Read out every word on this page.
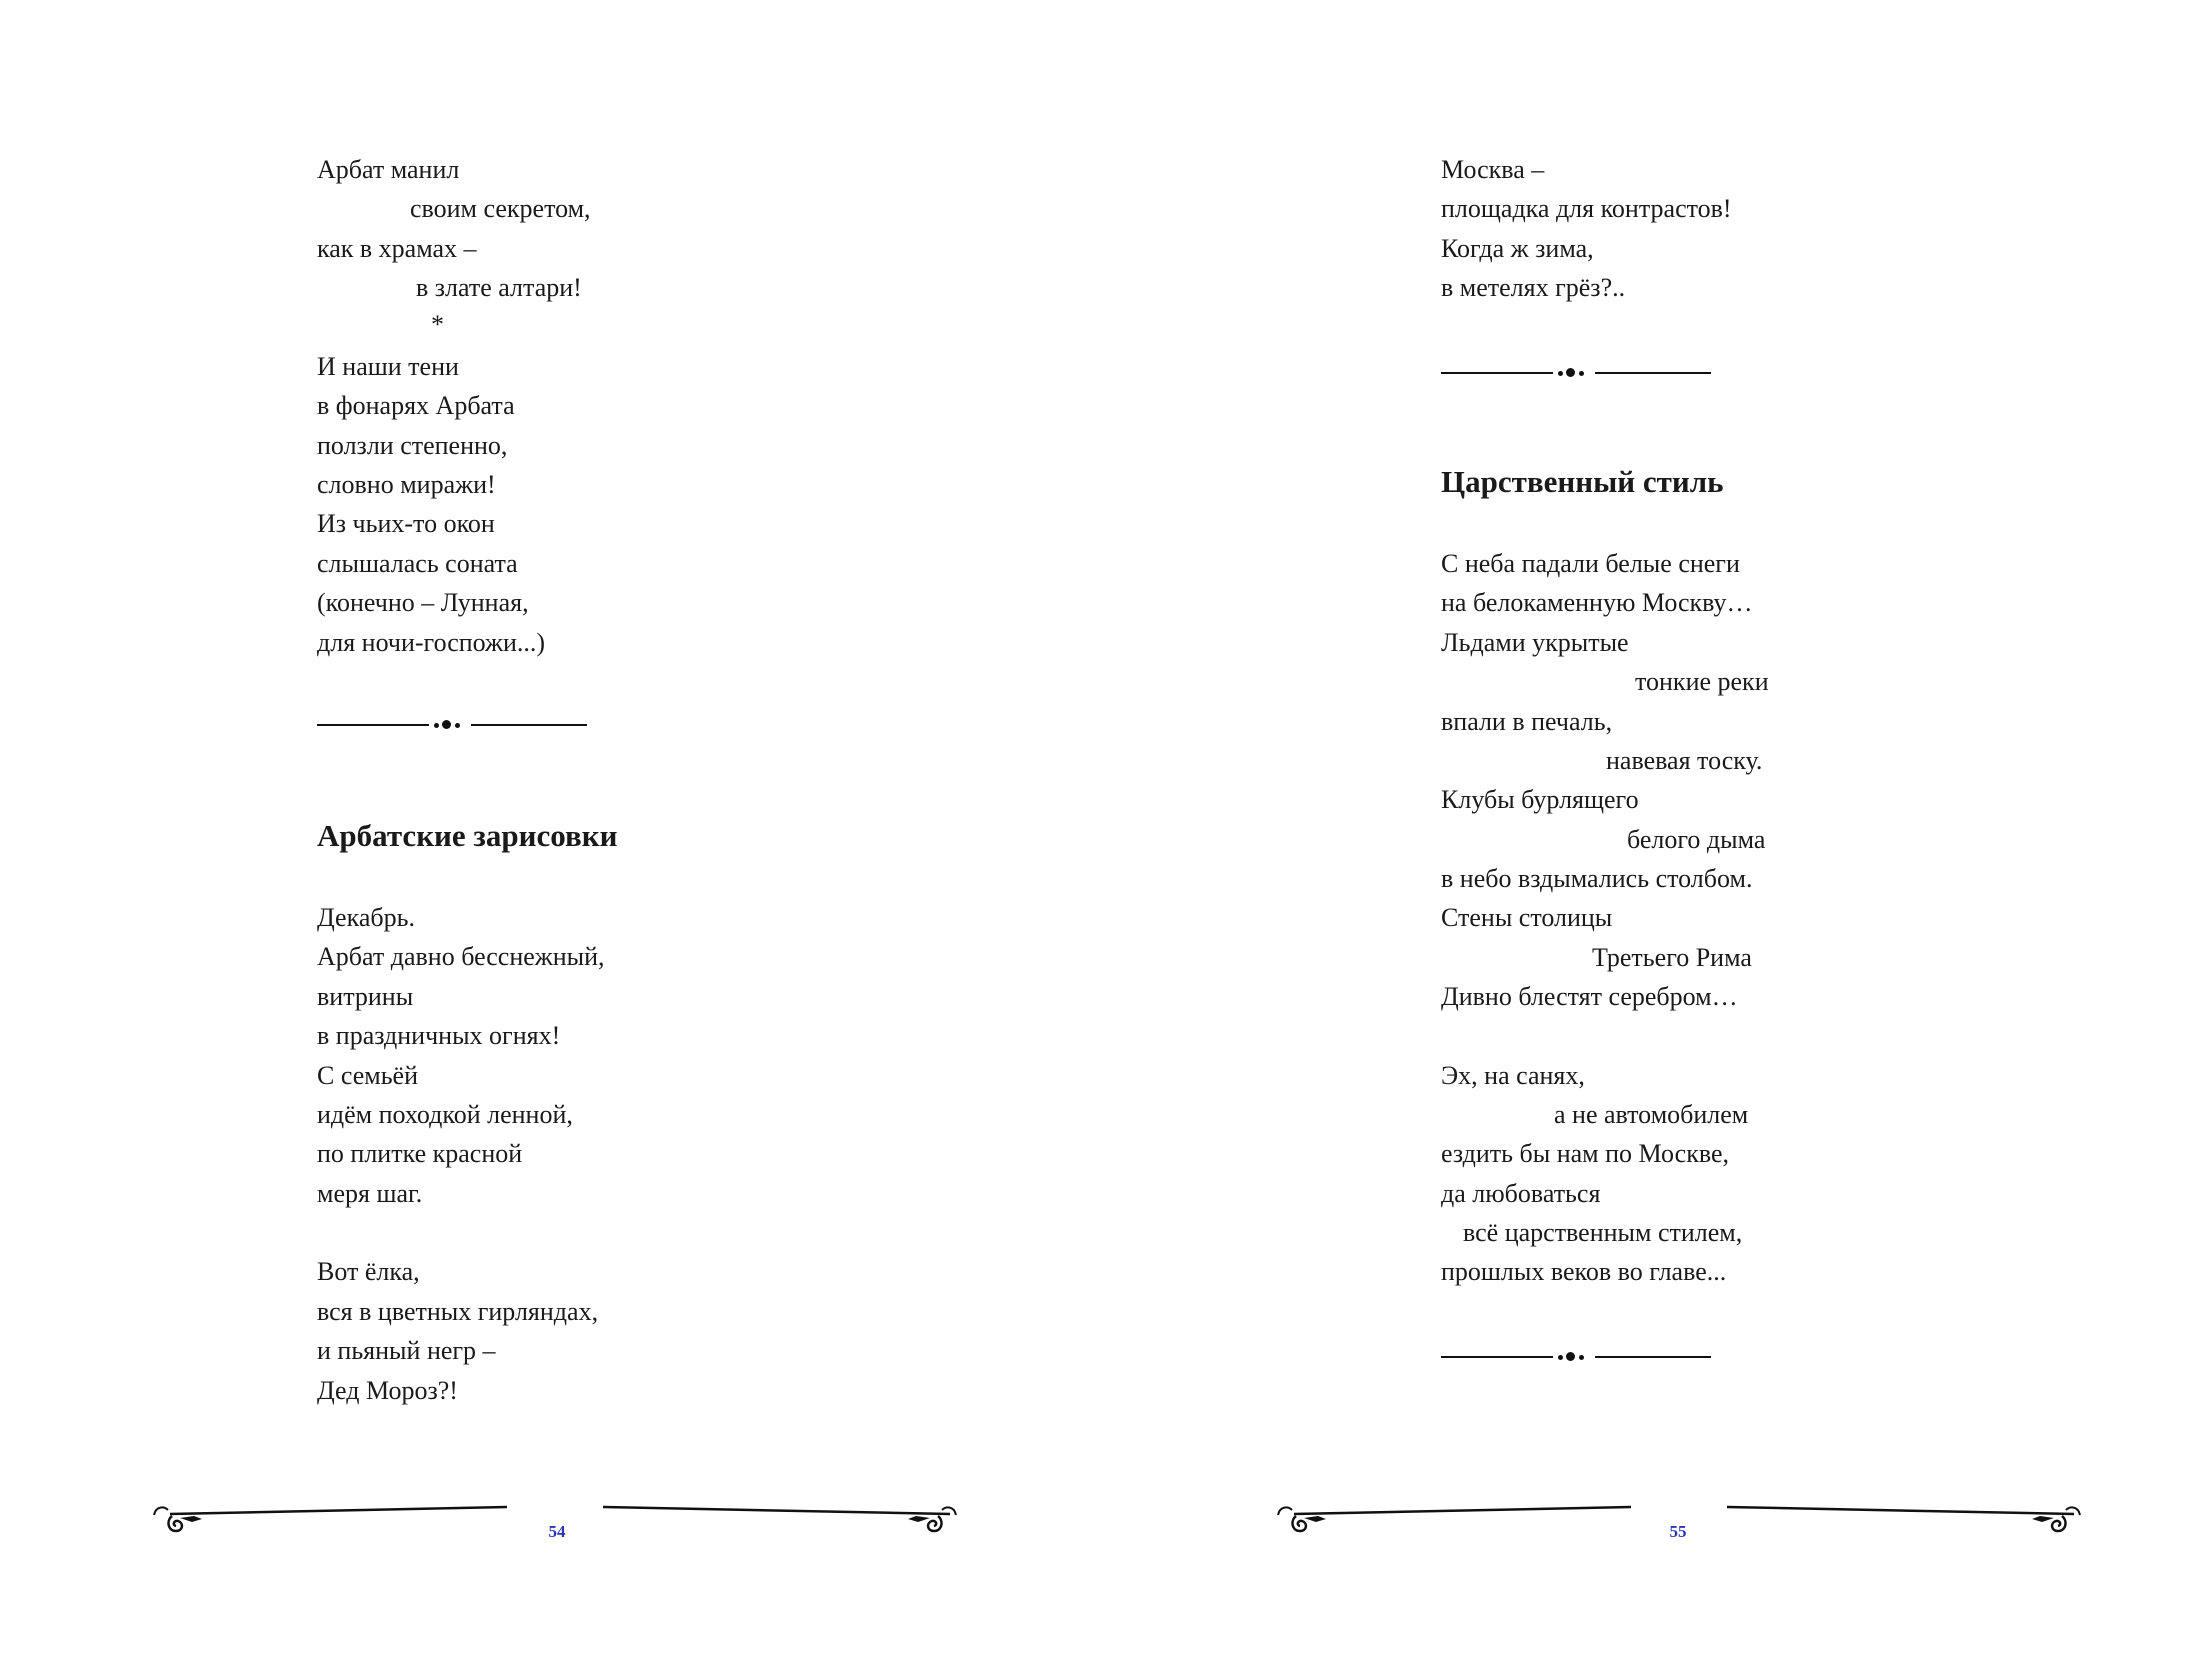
Арбат манил
своим секретом,
как в храмах –
в злате алтари!
*
И наши тени
в фонарях Арбата
ползли степенно,
словно миражи!
Из чьих-то окон
слышалась соната
(конечно – Лунная,
для ночи-госпожи...)
Арбатские зарисовки
Декабрь.
Арбат давно бесснежный,
витрины
в праздничных огнях!
С семьёй
идём походкой ленной,
по плитке красной
меря шаг.
Вот ёлка,
вся в цветных гирляндах,
и пьяный негр –
Дед Мороз?!
54
Москва –
площадка для контрастов!
Когда ж зима,
в метелях грёз?..
Царственный стиль
С неба падали белые снеги
на белокаменную Москву…
Льдами укрытые
тонкие реки
впали в печаль,
навевая тоску.
Клубы бурлящего
белого дыма
в небо вздымались столбом.
Стены столицы
Третьего Рима
Дивно блестят серебром…
Эх, на санях,
а не автомобилем
ездить бы нам по Москве,
да любоваться
всё царственным стилем,
прошлых веков во главе...
55
